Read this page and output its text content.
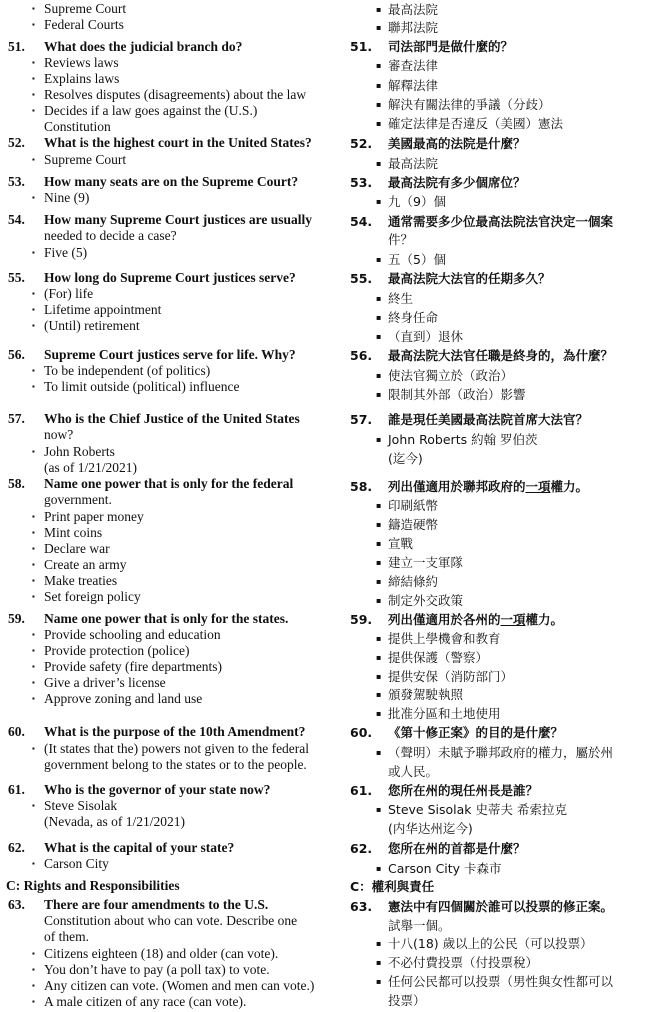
▪ Supreme Court
▪ Federal Courts
51. What does the judicial branch do?
▪ Reviews laws
▪ Explains laws
▪ Resolves disputes (disagreements) about the law
▪ Decides if a law goes against the (U.S.)
Constitution
52. What is the highest court in the United States?
▪ Supreme Court
53. How many seats are on the Supreme Court?
▪ Nine (9)
54. How many Supreme Court justices are usually
needed to decide a case?
▪ Five (5)
55. How long do Supreme Court justices serve?
▪ (For) life
▪ Lifetime appointment
▪ (Until) retirement
56. Supreme Court justices serve for life. Why?
▪ To be independent (of politics)
▪ To limit outside (political) influence
57. Who is the Chief Justice of the United States
now?
▪ John Roberts
(as of 1/21/2021)
58. Name one power that is only for the federal
government.
▪ Print paper money
▪ Mint coins
▪ Declare war
▪ Create an army
▪ Make treaties
▪ Set foreign policy
59. Name one power that is only for the states.
▪ Provide schooling and education
▪ Provide protection (police)
▪ Provide safety (fire departments)
▪ Give a driver’s license
▪ Approve zoning and land use
60. What is the purpose of the 10th Amendment?
▪ (It states that the) powers not given to the federal
government belong to the states or to the people.
61. Who is the governor of your state now?
▪ Steve Sisolak
(Nevada, as of 1/21/2021)
62. What is the capital of your state?
▪ Carson City
C: Rights and Responsibilities
63. There are four amendments to the U.S.
Constitution about who can vote. Describe one
of them.
▪ Citizens eighteen (18) and older (can vote).
▪ You don’t have to pay (a poll tax) to vote.
▪ Any citizen can vote. (Women and men can vote.)
▪ A male citizen of any race (can vote).
▪ 最高法院
▪ 聯邦法院
51. 司法部門是做什麼的？
▪ 審查法律
▪ 解釋法律
▪ 解決有關法律的爭議（分歧）
▪ 確定法律是否違反（美國）憲法
52. 美國最高的法院是什麼？
▪ 最高法院
53. 最高法院有多少個席位？
▪ 九（9）個
54. 通常需要多少位最高法院法官決定一個案
件？
▪ 五（5）個
55. 最高法院大法官的任期多久？
▪ 終生
▪ 終身任命
▪ （直到）退休
56. 最高法院大法官任職是終身的，為什麼？
▪ 使法官獨立於（政治）
▪ 限制其外部（政治）影響
57. 誰是現任美國最高法院首席大法官？
▪ John Roberts 約翰 罗伯茨
(迄今)
58. 列出僅適用於聯邦政府的一項權力。
▪ 印刷紙幣
▪ 鑄造硬幣
▪ 宣戰
▪ 建立一支軍隊
▪ 締結條約
▪ 制定外交政策
59. 列出僅適用於各州的一項權力。
▪ 提供上學機會和教育
▪ 提供保護（警察）
▪ 提供安保（消防部门）
▪ 頒發駕駛執照
▪ 批准分區和土地使用
60. 《第十修正案》的目的是什麼？
▪ （聲明）未賦予聯邦政府的權力，屬於州
或人民。
61. 您所在州的現任州長是誰？
▪ Steve Sisolak 史蒂夫 希索拉克
(内华达州迄今)
62. 您所在州的首都是什麼？
▪ Carson City 卡森市
C：權利與責任
63. 憲法中有四個關於誰可以投票的修正案。
試舉一個。
▪ 十八(18) 歲以上的公民（可以投票）
▪ 不必付費投票（付投票稅）
▪ 任何公民都可以投票（男性與女性都可以
投票）
